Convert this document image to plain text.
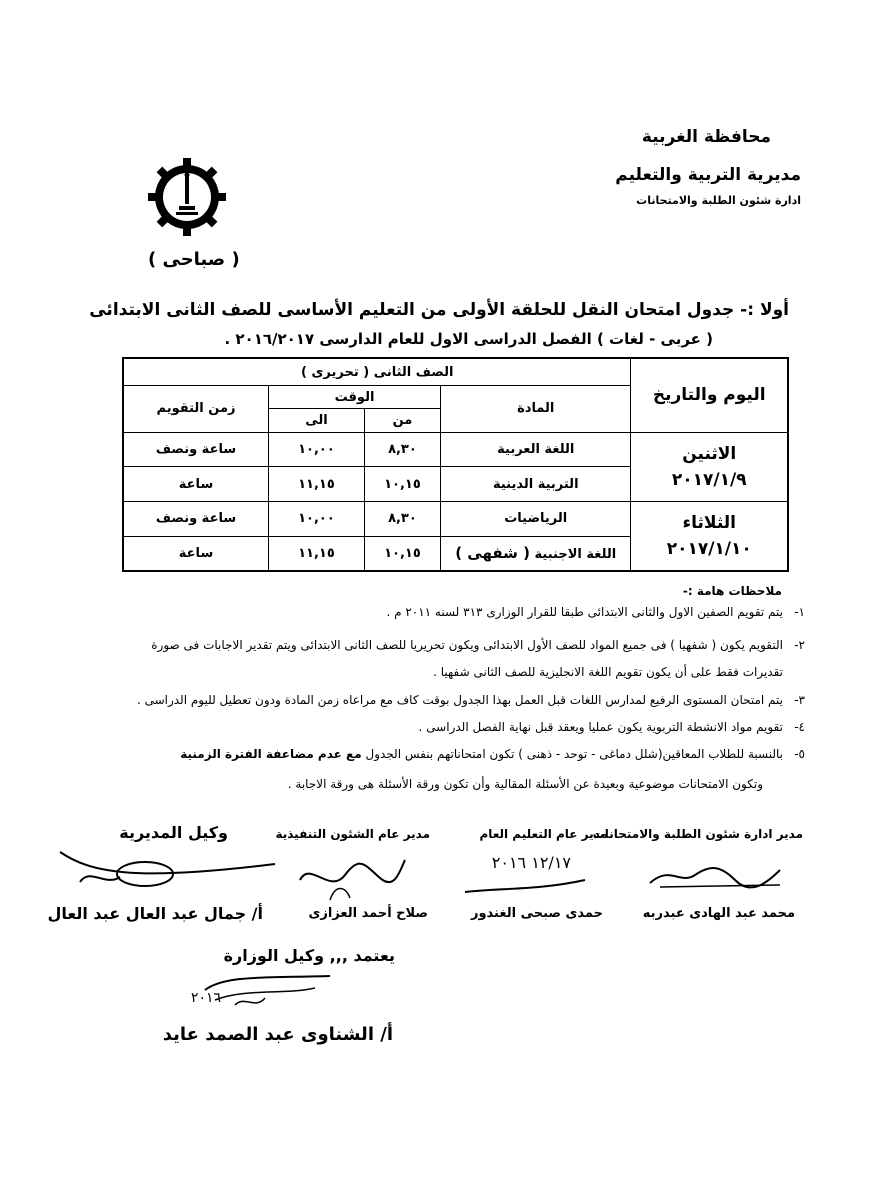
محافظة الغربية
مديرية التربية والتعليم
ادارة شئون الطلبة والامتحانات
( صباحى )
أولا :- جدول امتحان النقل للحلقة الأولى من التعليم الأساسى للصف الثانى الابتدائى
( عربى - لغات ) الفصل الدراسى الاول للعام الدارسى ٢٠١٦/٢٠١٧ .
اليوم والتاريخ	الصف الثانى ( تحريرى )			
	المادة	الوقت		زمن التقويم
		من	الى	

الاثنين
٢٠١٧/١/٩	اللغة العربية	٨,٣٠	١٠,٠٠	ساعة ونصف
	التربية الدينية	١٠,١٥	١١,١٥	ساعة

الثلاثاء
٢٠١٧/١/١٠	الرياضيات	٨,٣٠	١٠,٠٠	ساعة ونصف
	اللغة الاجنبية ( شفهى )	١٠,١٥	١١,١٥	ساعة
ملاحظات هامة :-
١-
يتم تقويم الصفين الاول والثانى الابتدائى طبقا للقرار الوزارى ٣١٣ لسنه ٢٠١١ م .
٢-
التقويم يكون ( شفهيا ) فى جميع المواد للصف الأول الابتدائى ويكون تحريريا للصف الثانى الابتدائى ويتم تقدير الاجابات فى صورة
تقديرات فقط على أن يكون تقويم اللغة الانجليزية للصف الثانى شفهيا .
٣-
يتم امتحان المستوى الرفيع لمدارس اللغات قبل العمل بهذا الجدول بوقت كاف مع مراعاه زمن المادة ودون تعطيل لليوم الدراسى .
٤-
تقويم مواد الانشطة التربوية يكون عمليا ويعقد قبل نهاية الفصل الدراسى .
٥-
بالنسبة للطلاب المعاقين(شلل دماغى - توحد - ذهنى ) تكون امتحاناتهم بنفس الجدول مع عدم مضاعفة الفترة الزمنية
وتكون الامتحانات موضوعية وبعيدة عن الأسئلة المقالية وأن تكون ورقة الأسئلة هى ورقة الاجابة .
مدير ادارة شئون الطلبة والامتحانات
مدير عام التعليم العام
مدير عام الشئون التنفيذية
وكيل المديرية
١٢/١٧ ٢٠١٦
محمد عبد الهادى عبدربه
حمدى صبحى الغندور
صلاح أحمد العزازى
أ/ جمال عبد العال عبد العال
يعتمد ,,, وكيل الوزارة
٢٠١٦
أ/ الشناوى عبد الصمد عايد
